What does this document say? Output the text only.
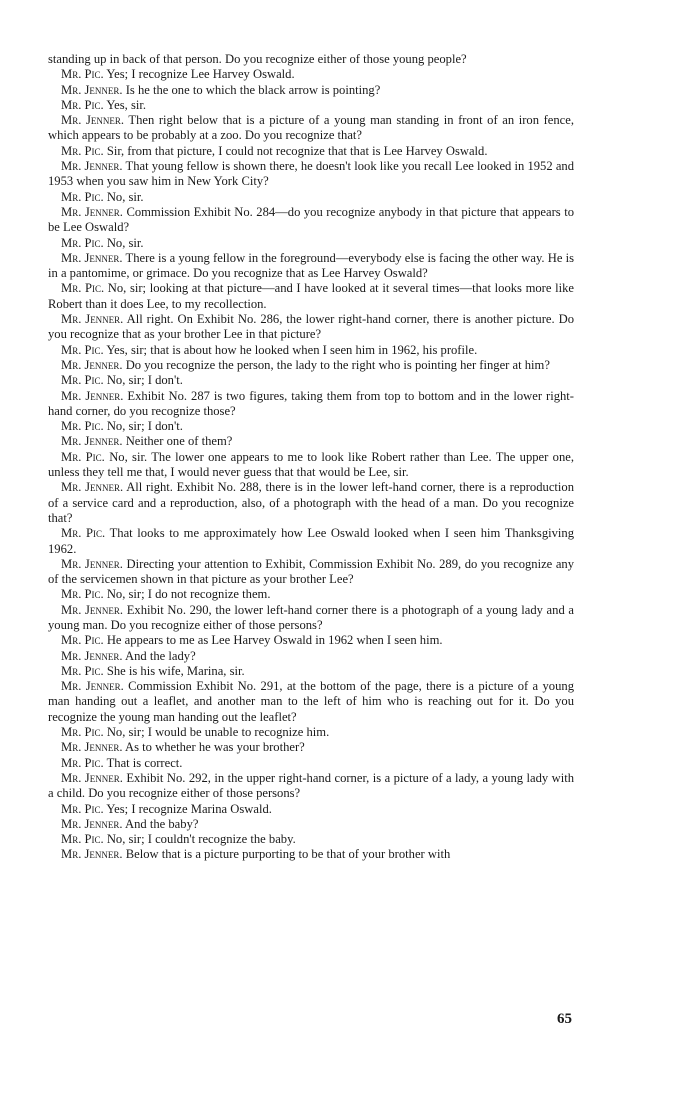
standing up in back of that person. Do you recognize either of those young people?

Mr. Pic. Yes; I recognize Lee Harvey Oswald.

Mr. Jenner. Is he the one to which the black arrow is pointing?

Mr. Pic. Yes, sir.

Mr. Jenner. Then right below that is a picture of a young man standing in front of an iron fence, which appears to be probably at a zoo. Do you recognize that?

Mr. Pic. Sir, from that picture, I could not recognize that that is Lee Harvey Oswald.

Mr. Jenner. That young fellow is shown there, he doesn't look like you recall Lee looked in 1952 and 1953 when you saw him in New York City?

Mr. Pic. No, sir.

Mr. Jenner. Commission Exhibit No. 284—do you recognize anybody in that picture that appears to be Lee Oswald?

Mr. Pic. No, sir.

Mr. Jenner. There is a young fellow in the foreground—everybody else is facing the other way. He is in a pantomime, or grimace. Do you recognize that as Lee Harvey Oswald?

Mr. Pic. No, sir; looking at that picture—and I have looked at it several times—that looks more like Robert than it does Lee, to my recollection.

Mr. Jenner. All right. On Exhibit No. 286, the lower right-hand corner, there is another picture. Do you recognize that as your brother Lee in that picture?

Mr. Pic. Yes, sir; that is about how he looked when I seen him in 1962, his profile.

Mr. Jenner. Do you recognize the person, the lady to the right who is pointing her finger at him?

Mr. Pic. No, sir; I don't.

Mr. Jenner. Exhibit No. 287 is two figures, taking them from top to bottom and in the lower right-hand corner, do you recognize those?

Mr. Pic. No, sir; I don't.

Mr. Jenner. Neither one of them?

Mr. Pic. No, sir. The lower one appears to me to look like Robert rather than Lee. The upper one, unless they tell me that, I would never guess that that would be Lee, sir.

Mr. Jenner. All right. Exhibit No. 288, there is in the lower left-hand corner, there is a reproduction of a service card and a reproduction, also, of a photograph with the head of a man. Do you recognize that?

Mr. Pic. That looks to me approximately how Lee Oswald looked when I seen him Thanksgiving 1962.

Mr. Jenner. Directing your attention to Exhibit, Commission Exhibit No. 289, do you recognize any of the servicemen shown in that picture as your brother Lee?

Mr. Pic. No, sir; I do not recognize them.

Mr. Jenner. Exhibit No. 290, the lower left-hand corner there is a photograph of a young lady and a young man. Do you recognize either of those persons?

Mr. Pic. He appears to me as Lee Harvey Oswald in 1962 when I seen him.

Mr. Jenner. And the lady?

Mr. Pic. She is his wife, Marina, sir.

Mr. Jenner. Commission Exhibit No. 291, at the bottom of the page, there is a picture of a young man handing out a leaflet, and another man to the left of him who is reaching out for it. Do you recognize the young man handing out the leaflet?

Mr. Pic. No, sir; I would be unable to recognize him.

Mr. Jenner. As to whether he was your brother?

Mr. Pic. That is correct.

Mr. Jenner. Exhibit No. 292, in the upper right-hand corner, is a picture of a lady, a young lady with a child. Do you recognize either of those persons?

Mr. Pic. Yes; I recognize Marina Oswald.

Mr. Jenner. And the baby?

Mr. Pic. No, sir; I couldn't recognize the baby.

Mr. Jenner. Below that is a picture purporting to be that of your brother with

65
